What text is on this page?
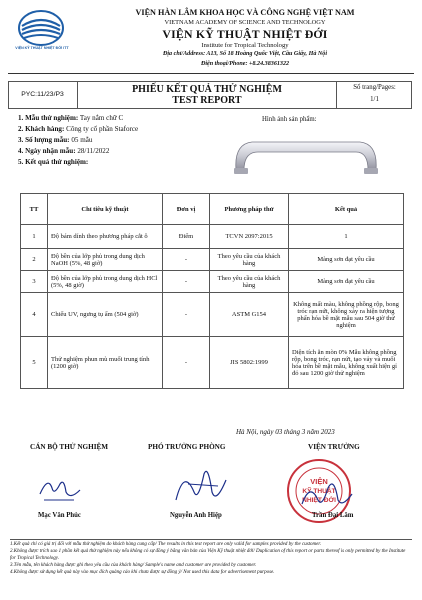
VIỆN KỸ THUẬT NHIỆT ĐỚI ITT
VIỆN HÀN LÂM KHOA HỌC VÀ CÔNG NGHỆ VIỆT NAM
VIETNAM ACADEMY OF SCIENCE AND TECHNOLOGY
VIỆN KỸ THUẬT NHIỆT ĐỚI
Institute for Tropical Technology
Địa chỉ/Address: A13, Số 18 Hoàng Quốc Việt, Cầu Giấy, Hà Nội
Điện thoại/Phone: +8.24.38361322
PYC:11/23/P3	PHIẾU KẾT QUẢ THỬ NGHIỆM
TEST REPORT
Số trang/Pages:
1/1
1. Mẫu thử nghiệm: Tay nắm chữ C
2. Khách hàng: Công ty cổ phần Staforce
3. Số lượng mẫu: 05 mẫu
4. Ngày nhận mẫu: 28/11/2022
5. Kết quả thử nghiệm:
Hình ảnh sản phẩm:
TT	Chỉ tiêu kỹ thuật	Đơn vị	Phương pháp thử	Kết quả
1	Độ bám dính theo phương pháp cắt ô	Điểm	TCVN 2097:2015	1
2	Độ bền của lớp phủ trong dung dịch NaOH (5%, 48 giờ)	-	Theo yêu cầu của khách hàng	Màng sơn đạt yêu cầu
3	Độ bền của lớp phủ trong dung dịch HCl (5%, 48 giờ)	-	Theo yêu cầu của khách hàng	Màng sơn đạt yêu cầu
4	Chiếu UV, ngưng tụ ẩm (504 giờ)	-	ASTM G154	Không mất màu, không phồng rộp, bong tróc rạn nứt, không xảy ra hiện tượng phấn hóa bề mặt mẫu sau 504 giờ thử nghiệm
5	Thử nghiệm phun mù muối trung tính (1200 giờ)	-	JIS 5802:1999	Diện tích ăn mòn 0% Mẫu không phồng rộp, bong tróc, rạn nứt, tạo vảy và muối hóa trên bề mặt mẫu, không xuất hiện gỉ đỏ sau 1200 giờ thử nghiệm
Hà Nội, ngày 03 tháng 3 năm 2023
CÁN BỘ THỬ NGHIỆM	PHÓ TRƯỞNG PHÒNG	VIỆN TRƯỞNG
VIỆN
KỸ THUẬT
NHIỆT ĐỚI
Mạc Văn Phúc	Nguyễn Anh Hiệp	Trần Đại Lâm
1.Kết quả chỉ có giá trị đối với mẫu thử nghiệm do khách hàng cung cấp/ The results in this test report are only valid for samples provided by the customer.
2.Không được trích sao 1 phần kết quả thử nghiệm này nếu không có sự đồng ý bằng văn bản của Viện Kỹ thuật nhiệt đới/ Duplication of this report or parts thereof is only permitted by the Institute for Tropical Technology.
3.Tên mẫu, tên khách hàng được ghi theo yêu cầu của khách hàng/ Sample's name and customer are provided by customer.
4.Không được sử dụng kết quả này vào mục đích quảng cáo khi chưa được sự đồng ý/ Not used this data for advertisement purpose.
